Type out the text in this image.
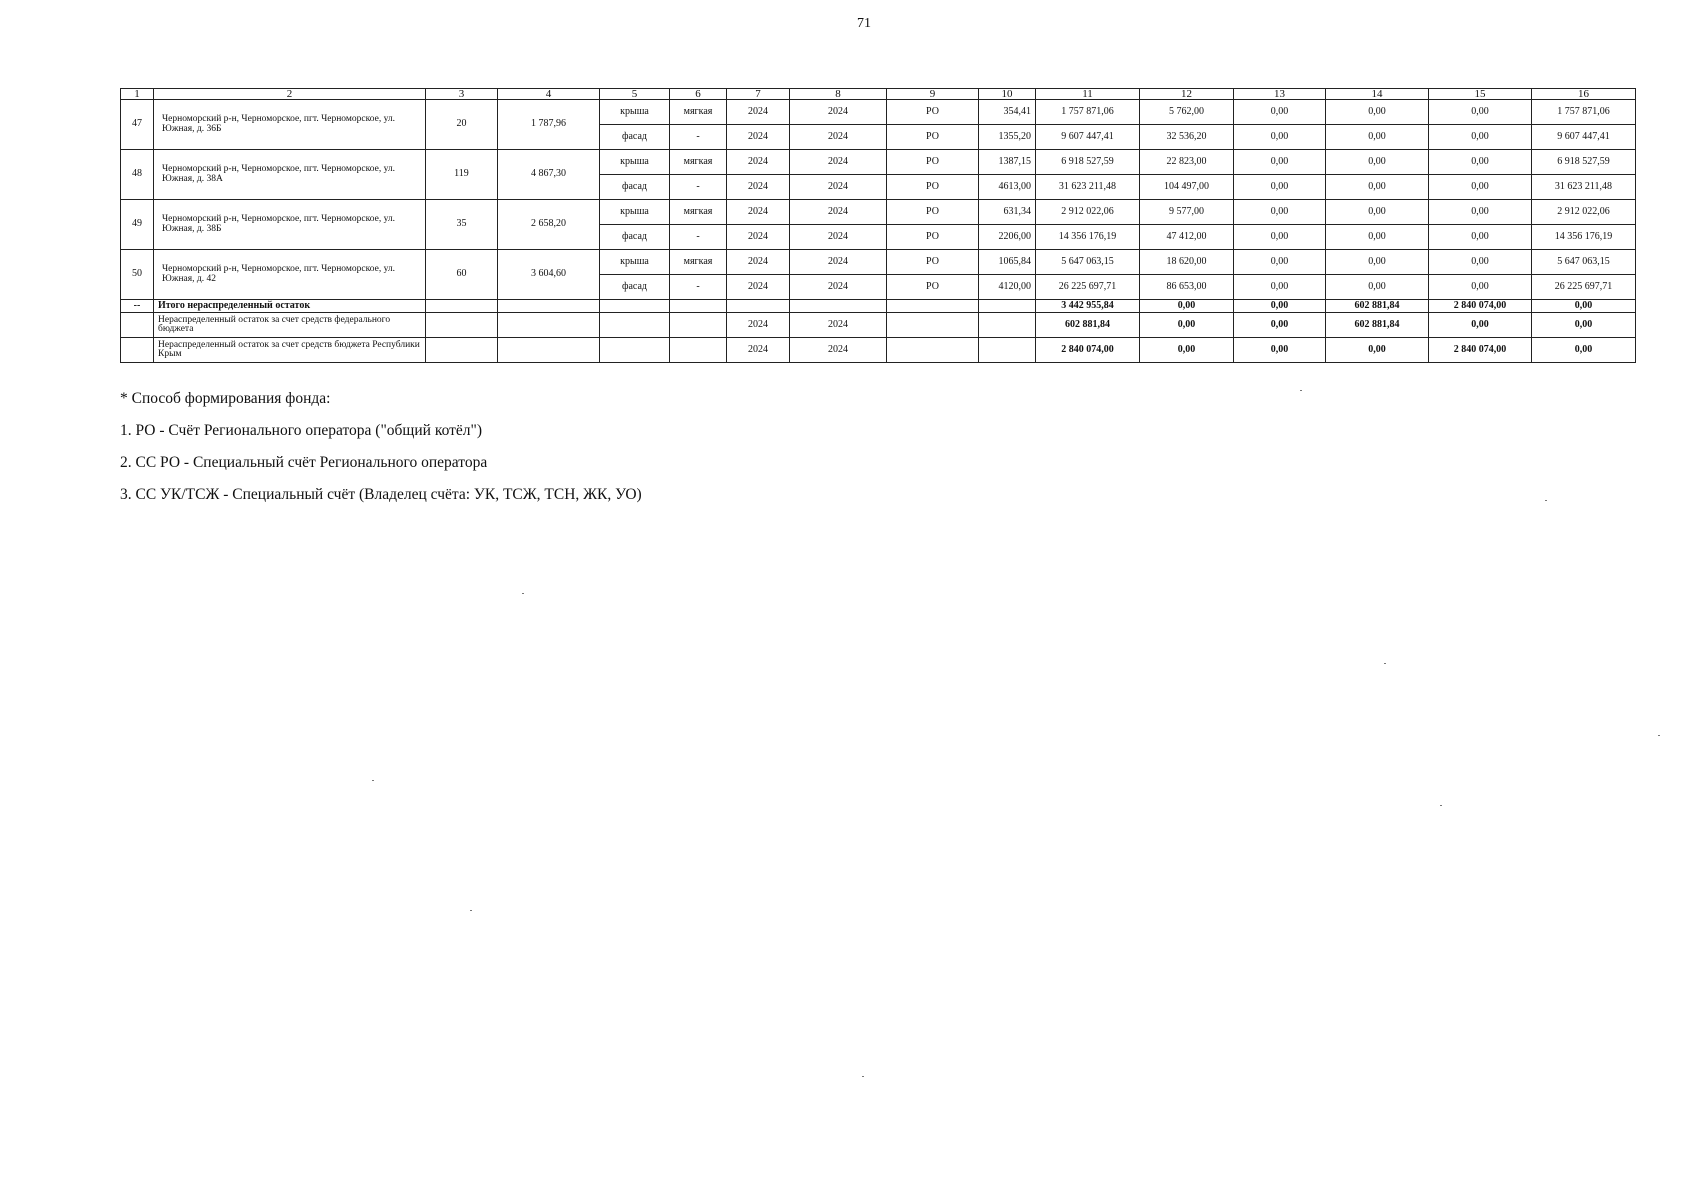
71
1	2	3	4	5	6	7	8	9	10	11	12	13	14	15	16
47	Черноморский р-н, Черноморское, пгт. Черноморское, ул. Южная, д. 36Б	20	1 787,96	крыша	мягкая	2024	2024	РО	354,41	1 757 871,06	5 762,00	0,00	0,00	0,00	1 757 871,06
				фасад	-	2024	2024	РО	1355,20	9 607 447,41	32 536,20	0,00	0,00	0,00	9 607 447,41
48	Черноморский р-н, Черноморское, пгт. Черноморское, ул. Южная, д. 38А	119	4 867,30	крыша	мягкая	2024	2024	РО	1387,15	6 918 527,59	22 823,00	0,00	0,00	0,00	6 918 527,59
				фасад	-	2024	2024	РО	4613,00	31 623 211,48	104 497,00	0,00	0,00	0,00	31 623 211,48
49	Черноморский р-н, Черноморское, пгт. Черноморское, ул. Южная, д. 38Б	35	2 658,20	крыша	мягкая	2024	2024	РО	631,34	2 912 022,06	9 577,00	0,00	0,00	0,00	2 912 022,06
				фасад	-	2024	2024	РО	2206,00	14 356 176,19	47 412,00	0,00	0,00	0,00	14 356 176,19
50	Черноморский р-н, Черноморское, пгт. Черноморское, ул. Южная, д. 42	60	3 604,60	крыша	мягкая	2024	2024	РО	1065,84	5 647 063,15	18 620,00	0,00	0,00	0,00	5 647 063,15
				фасад	-	2024	2024	РО	4120,00	26 225 697,71	86 653,00	0,00	0,00	0,00	26 225 697,71
--	Итого нераспределенный остаток									3 442 955,84	0,00	0,00	602 881,84	2 840 074,00	0,00
	Нераспределенный остаток за счет средств федерального бюджета					2024	2024			602 881,84	0,00	0,00	602 881,84	0,00	0,00
	Нераспределенный остаток за счет средств бюджета Республики Крым					2024	2024			2 840 074,00	0,00	0,00	0,00	2 840 074,00	0,00
* Способ формирования фонда:
1. РО - Счёт Регионального оператора ("общий котёл")
2. СС РО - Специальный счёт Регионального оператора
3. СС УК/ТСЖ - Специальный счёт (Владелец счёта: УК, ТСЖ, ТСН, ЖК, УО)
